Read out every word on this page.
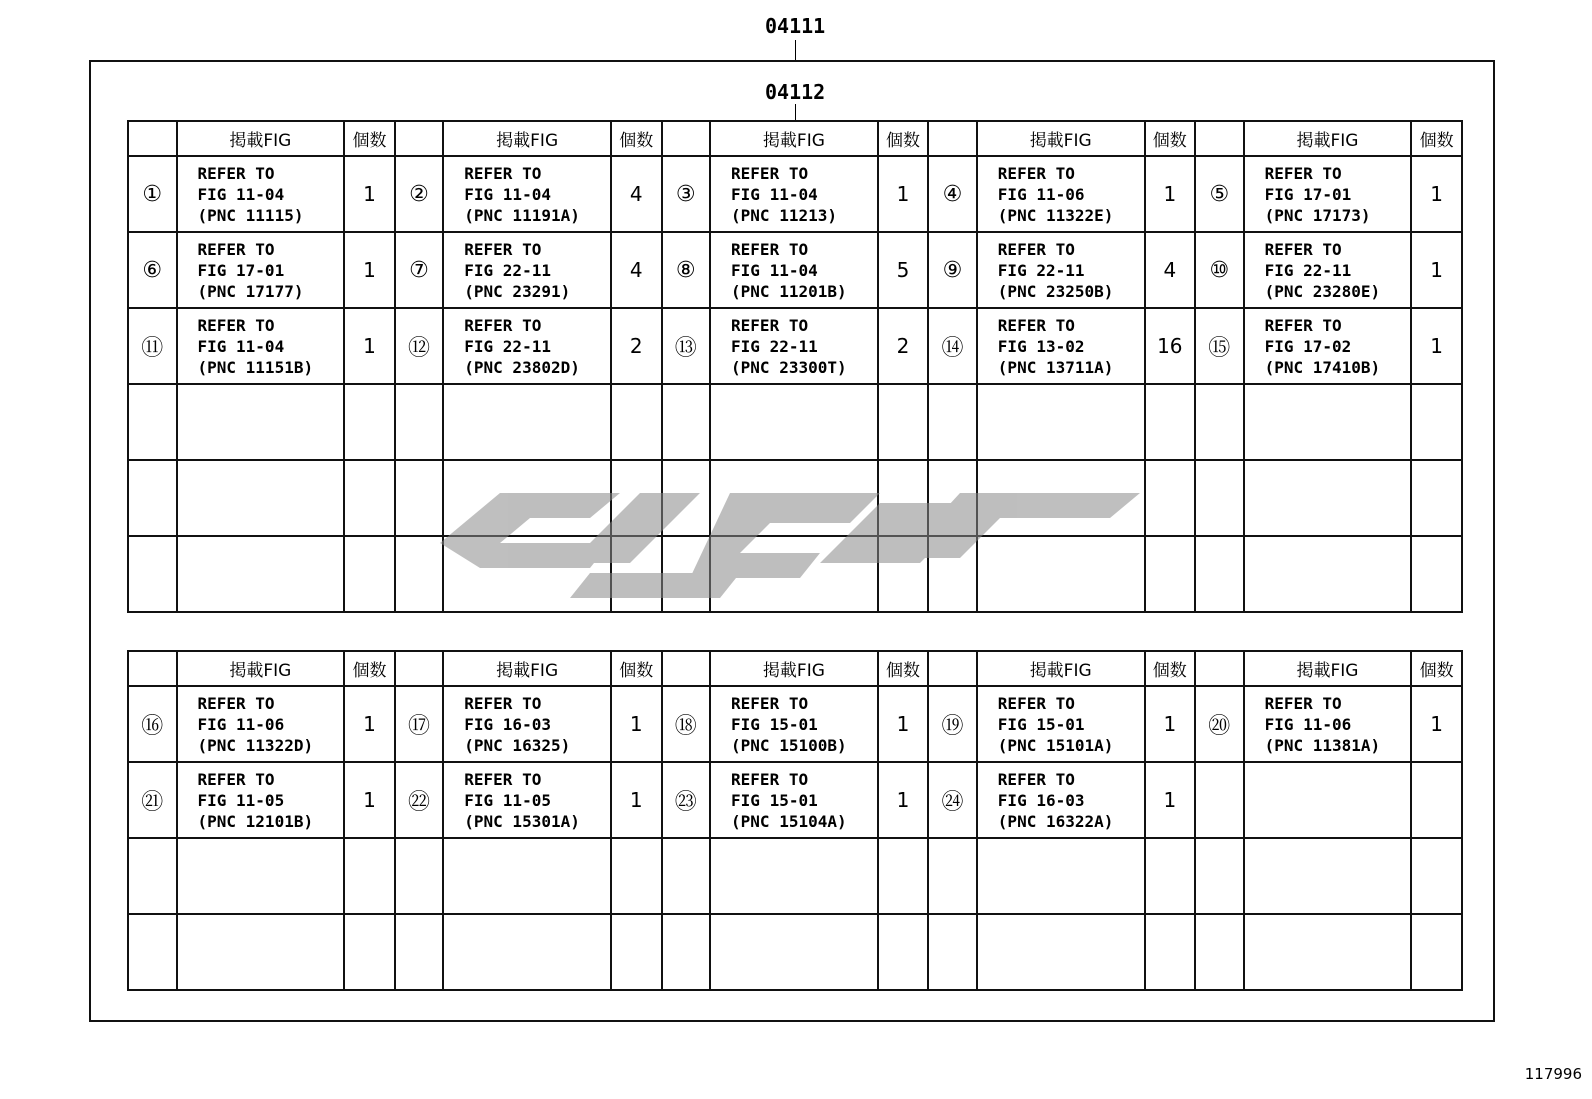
04111
04112
	掲載FIG	個数		掲載FIG	個数		掲載FIG	個数		掲載FIG	個数		掲載FIG	個数
①	REFER TO
FIG 11-04
(PNC 11115)	1	②	REFER TO
FIG 11-04
(PNC 11191A)	4	③	REFER TO
FIG 11-04
(PNC 11213)	1	④	REFER TO
FIG 11-06
(PNC 11322E)	1	⑤	REFER TO
FIG 17-01
(PNC 17173)	1
⑥	REFER TO
FIG 17-01
(PNC 17177)	1	⑦	REFER TO
FIG 22-11
(PNC 23291)	4	⑧	REFER TO
FIG 11-04
(PNC 11201B)	5	⑨	REFER TO
FIG 22-11
(PNC 23250B)	4	⑩	REFER TO
FIG 22-11
(PNC 23280E)	1
⑪	REFER TO
FIG 11-04
(PNC 11151B)	1	⑫	REFER TO
FIG 22-11
(PNC 23802D)	2	⑬	REFER TO
FIG 22-11
(PNC 23300T)	2	⑭	REFER TO
FIG 13-02
(PNC 13711A)	16	⑮	REFER TO
FIG 17-02
(PNC 17410B)	1

	掲載FIG	個数		掲載FIG	個数		掲載FIG	個数		掲載FIG	個数		掲載FIG	個数
⑯	REFER TO
FIG 11-06
(PNC 11322D)	1	⑰	REFER TO
FIG 16-03
(PNC 16325)	1	⑱	REFER TO
FIG 15-01
(PNC 15100B)	1	⑲	REFER TO
FIG 15-01
(PNC 15101A)	1	⑳	REFER TO
FIG 11-06
(PNC 11381A)	1
㉑	REFER TO
FIG 11-05
(PNC 12101B)	1	㉒	REFER TO
FIG 11-05
(PNC 15301A)	1	㉓	REFER TO
FIG 15-01
(PNC 15104A)	1	㉔	REFER TO
FIG 16-03
(PNC 16322A)	1			

117996
